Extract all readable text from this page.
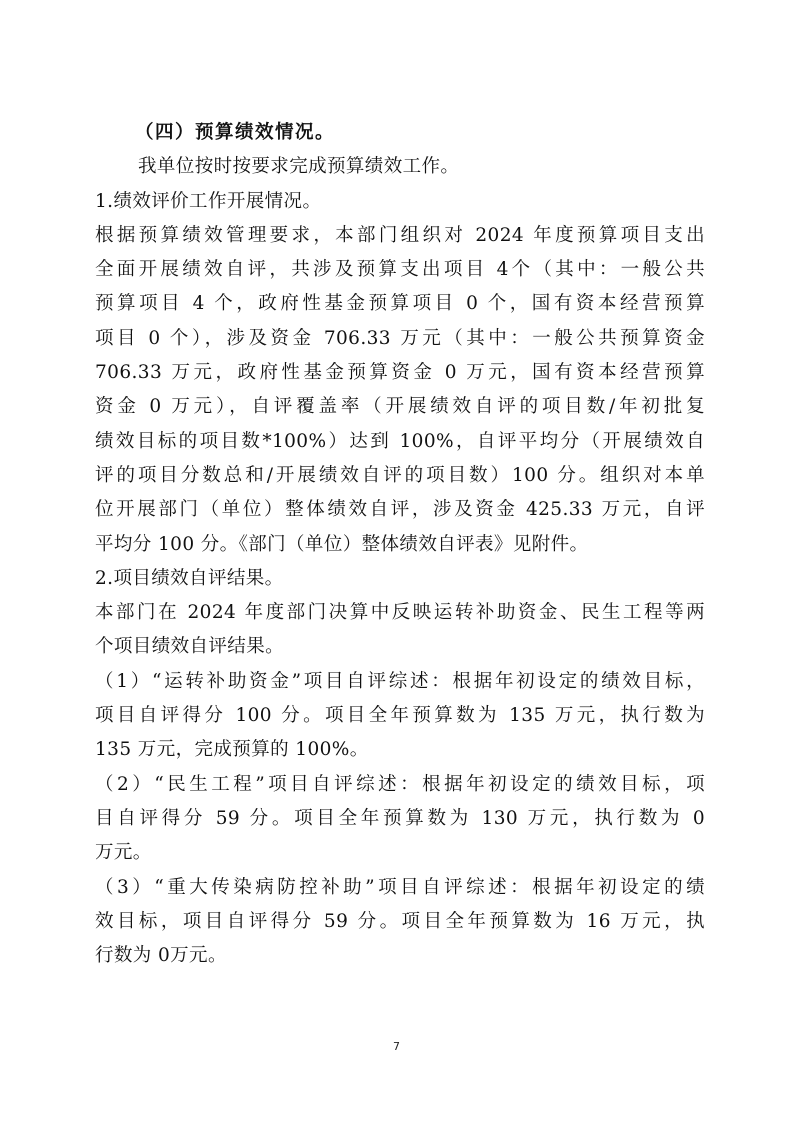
（四）预算绩效情况。
我单位按时按要求完成预算绩效工作。
1.绩效评价工作开展情况。
根据预算绩效管理要求，本部门组织对 2024 年度预算项目支出
全面开展绩效自评，共涉及预算支出项目 4个（其中：一般公共
预算项目 4 个，政府性基金预算项目 0 个，国有资本经营预算
项目 0 个），涉及资金 706.33 万元（其中：一般公共预算资金
706.33 万元，政府性基金预算资金 0 万元，国有资本经营预算
资金 0 万元），自评覆盖率（开展绩效自评的项目数/年初批复
绩效目标的项目数*100%）达到 100%，自评平均分（开展绩效自
评的项目分数总和/开展绩效自评的项目数）100 分。组织对本单
位开展部门（单位）整体绩效自评，涉及资金 425.33 万元，自评
平均分 100 分。《部门（单位）整体绩效自评表》见附件。
2.项目绩效自评结果。
本部门在 2024 年度部门决算中反映运转补助资金、民生工程等两
个项目绩效自评结果。
（1）“运转补助资金”项目自评综述：根据年初设定的绩效目标，
项目自评得分 100 分。项目全年预算数为 135 万元，执行数为
135 万元，完成预算的 100%。
（2）“民生工程”项目自评综述：根据年初设定的绩效目标，项
目自评得分 59 分。项目全年预算数为 130 万元，执行数为 0
万元。
（3）“重大传染病防控补助”项目自评综述：根据年初设定的绩
效目标，项目自评得分 59 分。项目全年预算数为 16 万元，执
行数为 0万元。
7
